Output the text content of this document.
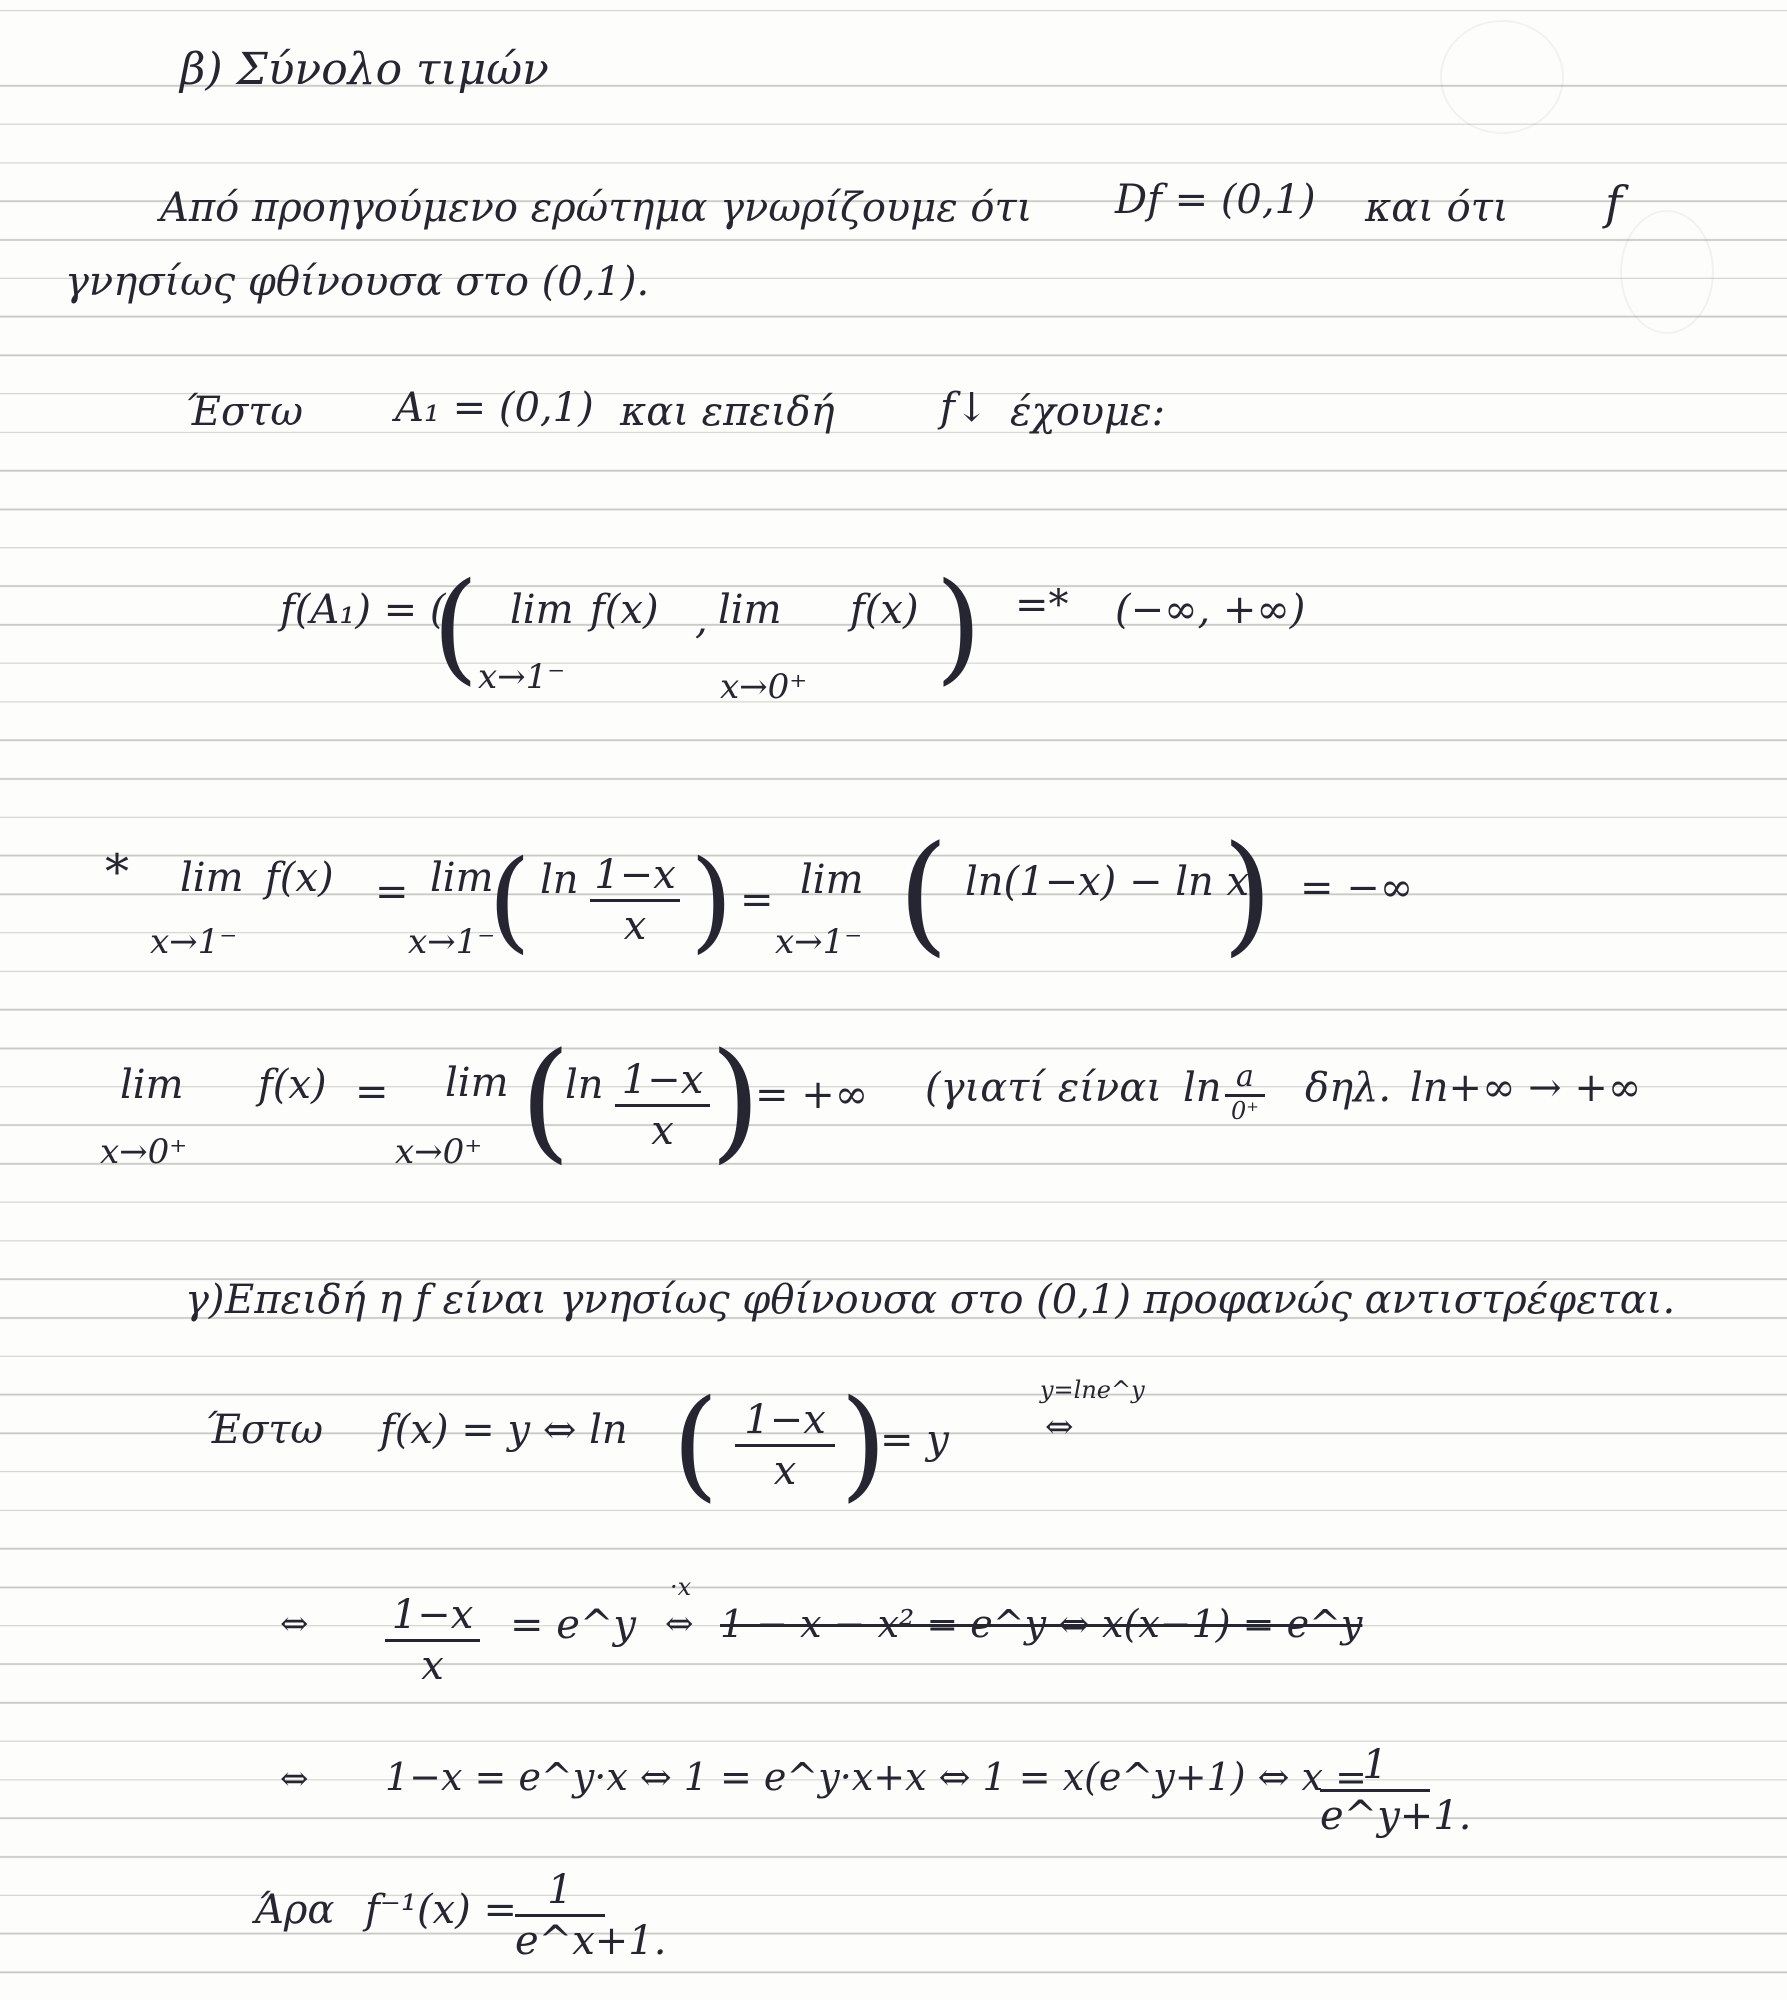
β) Σύνολο τιμών
Από προηγούμενο ερώτημα γνωρίζουμε ότι Df = (0,1) και ότι f
γνησίως φθίνουσα στο (0,1).
Έστω A₁ = (0,1) και επειδή	f↓ έχουμε:
f(A₁) = (
( lim
x→1⁻
f(x) , lim
x→0⁺
f(x) ) =* (−∞, +∞)
* lim
x→1⁻
f(x) = lim
x→1⁻
( ln 1−x
x ) = lim
x→1⁻ ( ln(1−x) − ln x
) = −∞
lim
x→0⁺
f(x) = lim
x→0⁺ (
ln 1−x
x )
= +∞ (γιατί είναι ln a
0⁺ δηλ. ln+∞ → +∞
γ) Επειδή η f είναι γνησίως φθίνουσα στο (0,1) προφανώς αντιστρέφεται.
Έστω f(x) = y ⇔ ln ( 1−x
x )
= y
y=lne^y
⇔
⇔ 1−x
x
= e^y
·x
⇔ 1 − x − x² = e^y ⇔ x(x−1) = e^y
⇔ 1−x = e^y·x ⇔ 1 = e^y·x+x ⇔ 1 = x(e^y+1) ⇔ x =
1
e^y+1.
Άρα f⁻¹(x) = 1
e^x+1.
